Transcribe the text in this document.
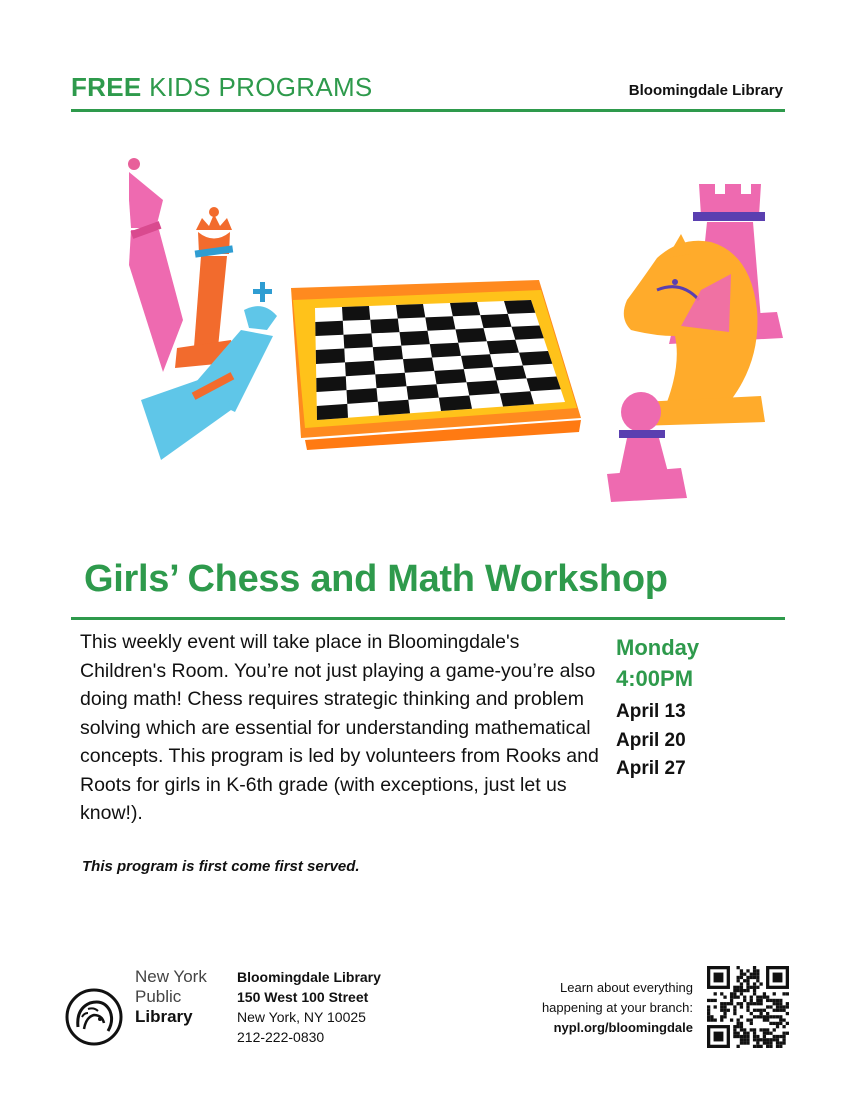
FREE KIDS PROGRAMS	Bloomingdale Library
Girls’ Chess and Math Workshop
This weekly event will take place in Bloomingdale's Children's Room. You’re not just playing a game-you’re also doing math! Chess requires strategic thinking and problem solving which are essential for understanding mathematical concepts. This program is led by volunteers from Rooks and Roots for girls in K-6th grade (with exceptions, just let us know!).
Monday
4:00PM
April 13
April 20
April 27
This program is first come first served.
New York
Public
Library
Bloomingdale Library
150 West 100 Street
New York, NY 10025
212-222-0830
Learn about everything
happening at your branch:
nypl.org/bloomingdale
